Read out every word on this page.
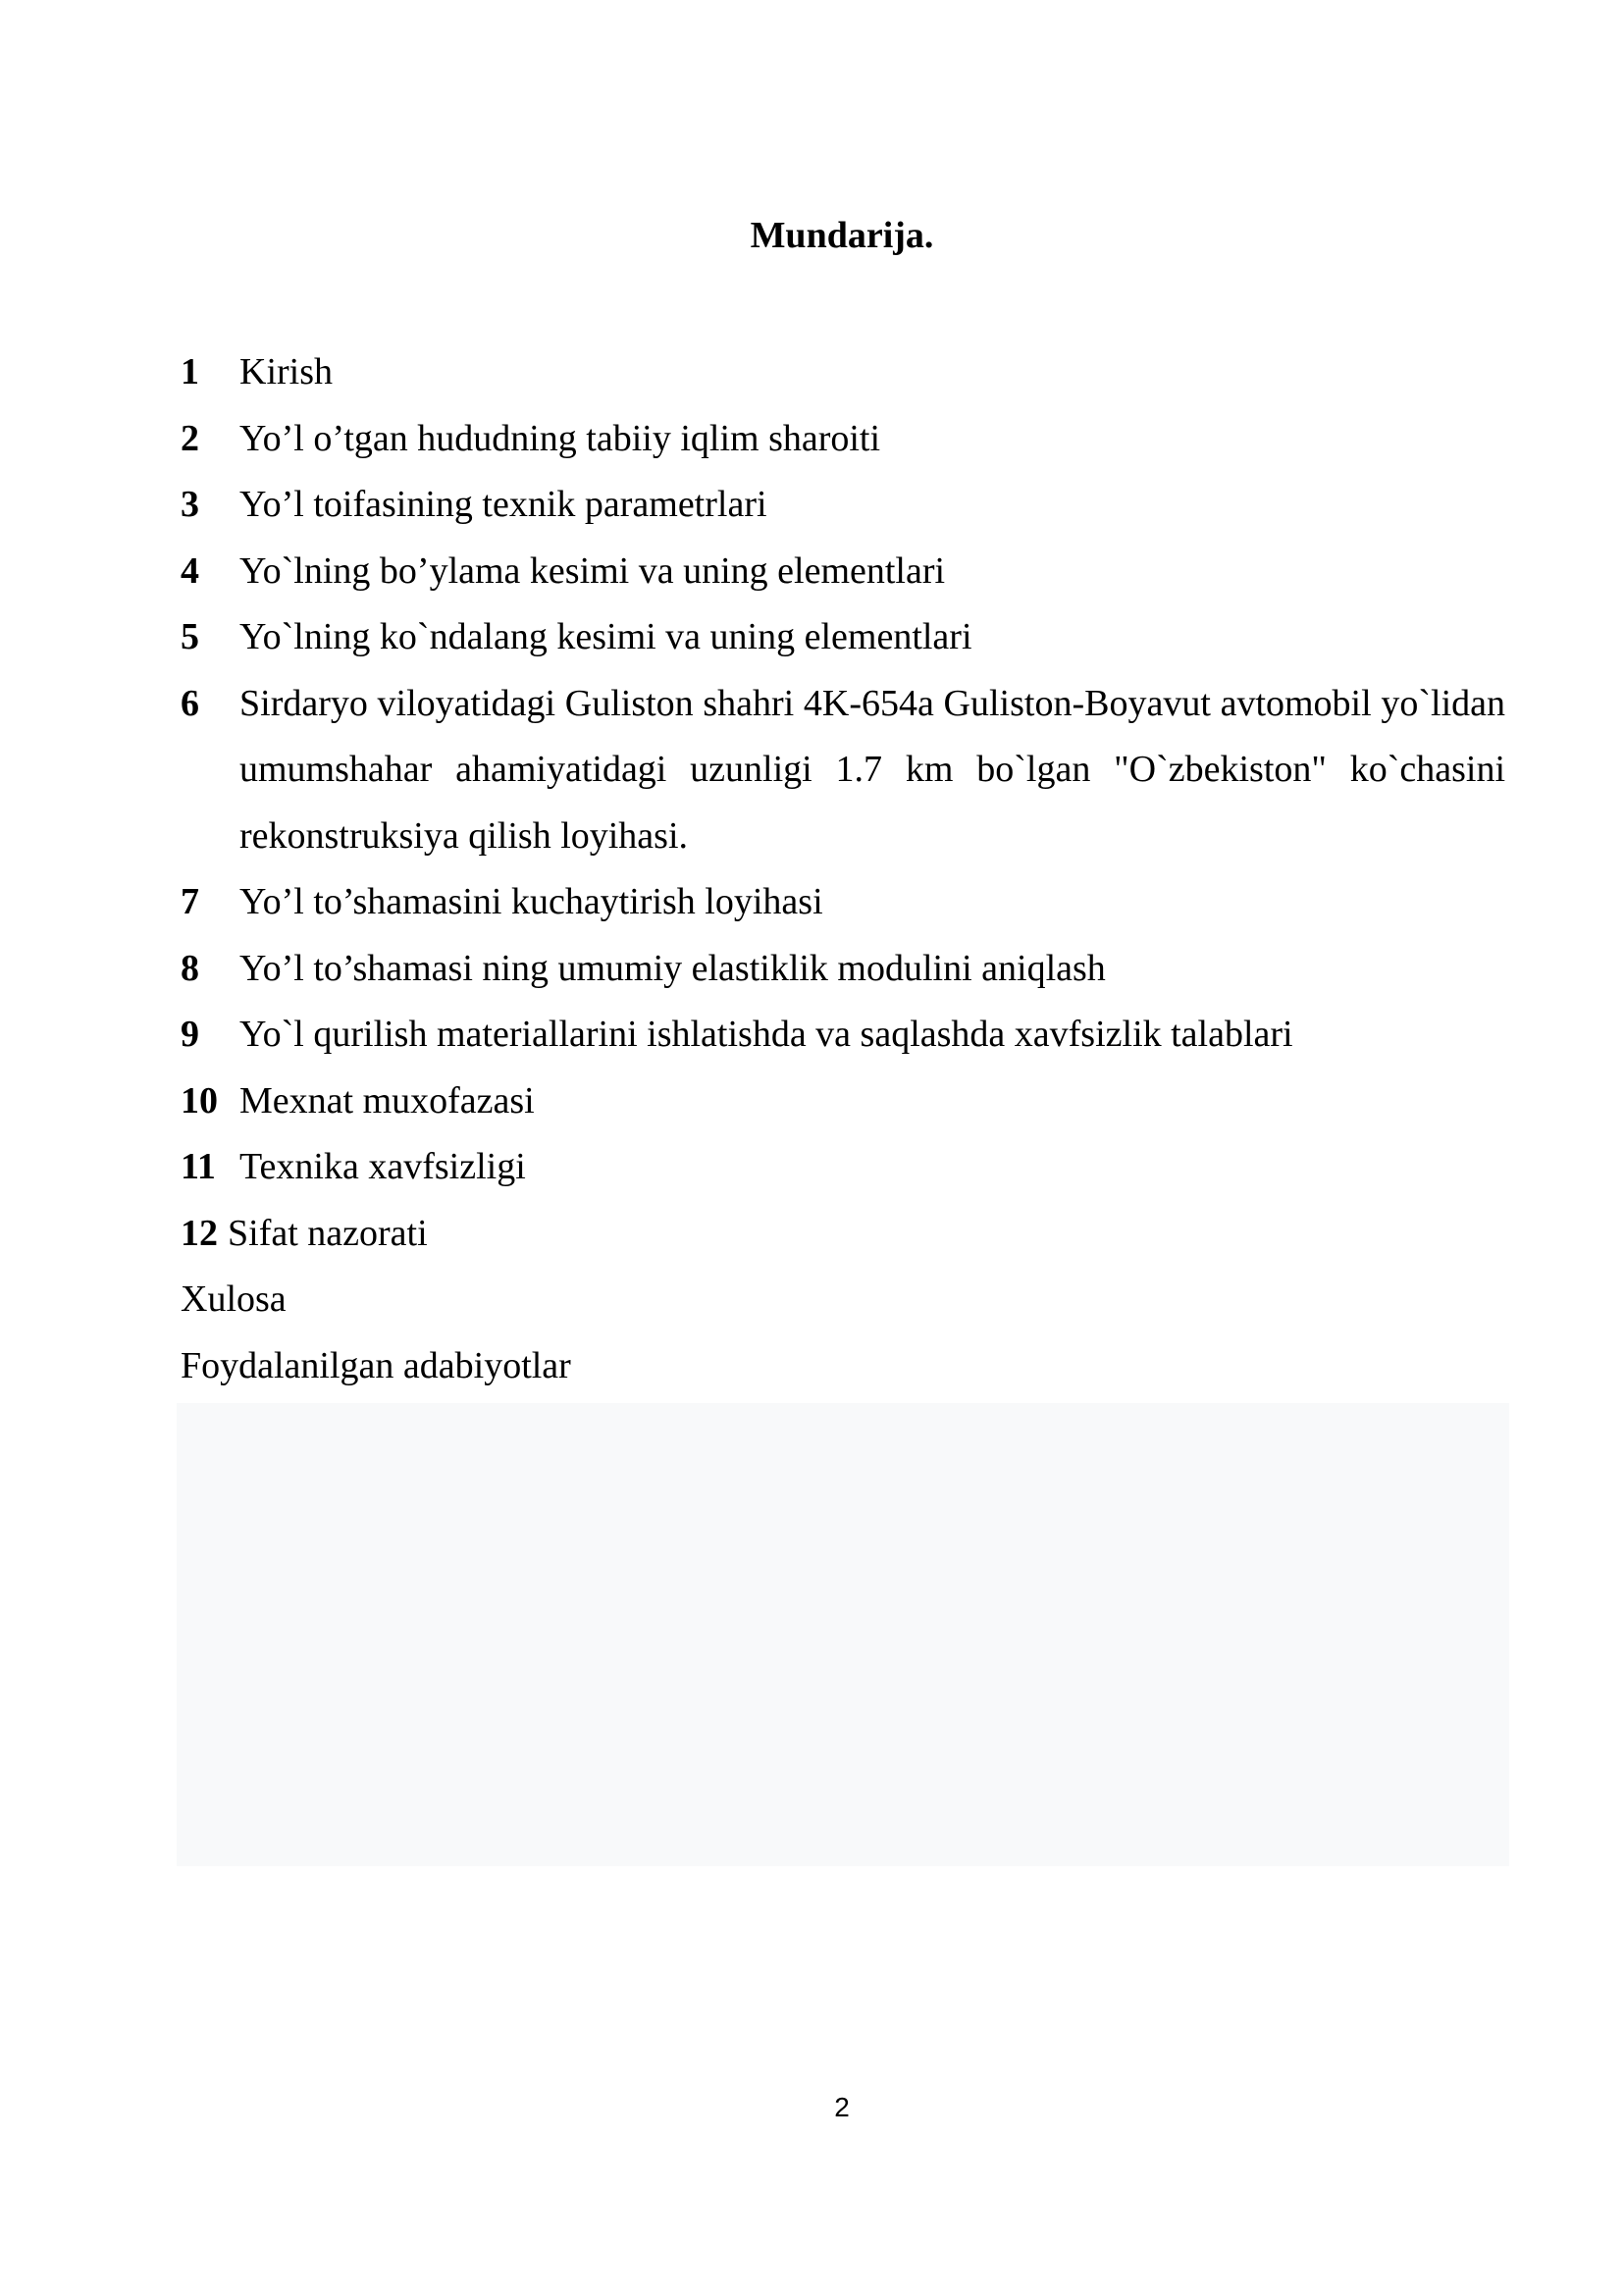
Mundarija.
1	Kirish
2	Yo’l o’tgan hududning tabiiy iqlim sharoiti
3	Yo’l toifasining texnik parametrlari
4	Yo`lning bo’ylama kesimi va uning elementlari
5	Yo`lning ko`ndalang kesimi va uning elementlari
6	Sirdaryo viloyatidagi Guliston shahri 4K-654a Guliston-Boyavut avtomobil yo`lidan umumshahar ahamiyatidagi uzunligi 1.7 km bo`lgan "O`zbekiston" ko`chasini rekonstruksiya qilish loyihasi.
7	Yo’l to’shamasini kuchaytirish loyihasi
8	Yo’l to’shamasi ning umumiy elastiklik modulini aniqlash
9	Yo`l qurilish materiallarini ishlatishda va saqlashda xavfsizlik talablari
10 Mexnat muxofazasi
11 Texnika xavfsizligi
12 Sifat nazorati
Xulosa
Foydalanilgan adabiyotlar
2
